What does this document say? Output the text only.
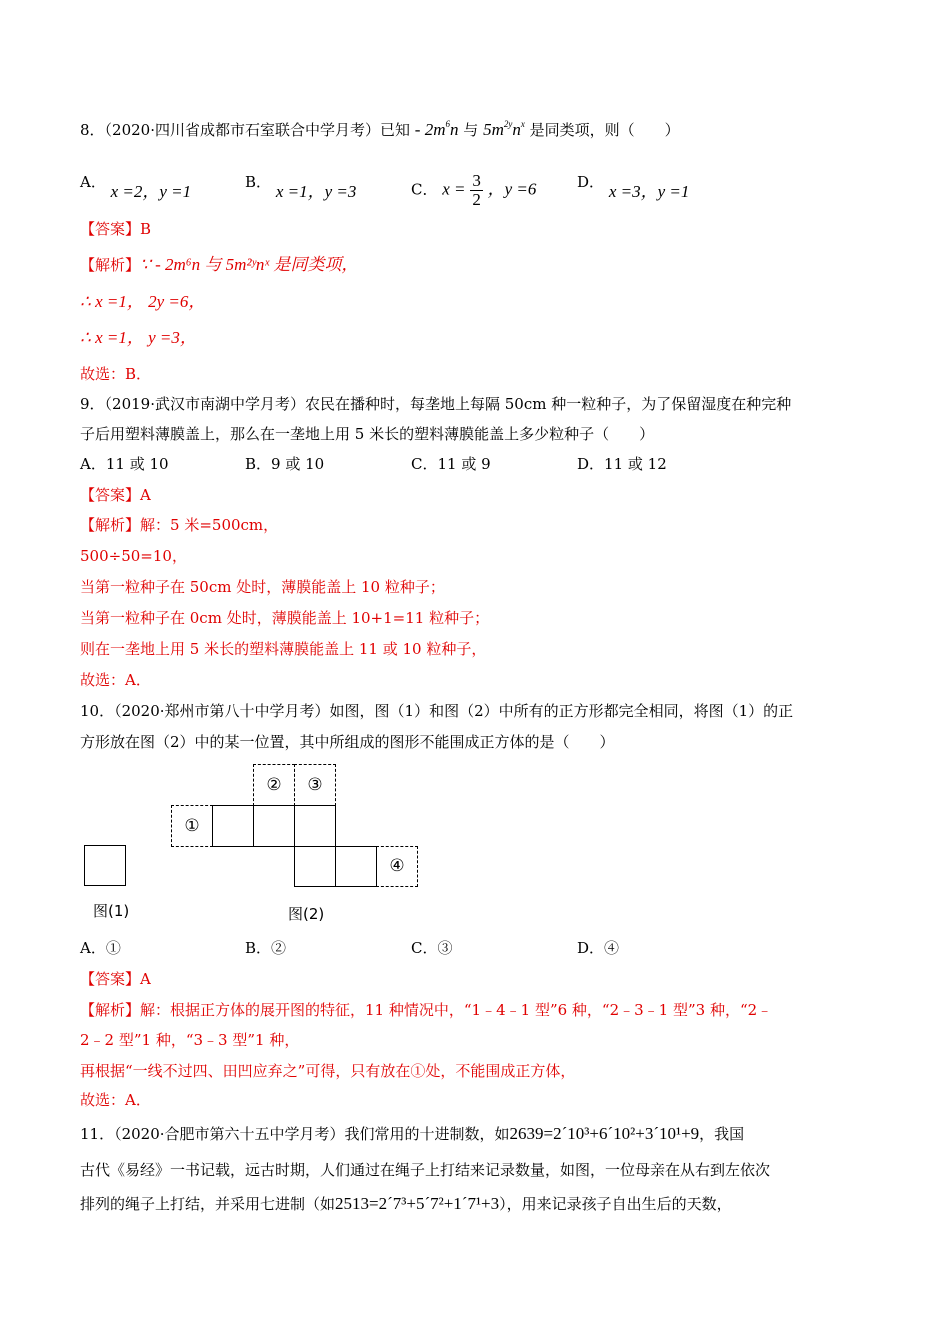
8．（2020·四川省成都市石室联合中学月考）已知 - $2m^6n$ 与 $5m^{2y}n^x$ 是同类项，则（　　）
A． x =2，y =1	B． x =1，y =3	C． $x = \frac{3}{2}$ ，y =6	D． x =3，y =1
【答案】B
【解析】∵ - 2m⁶n 与 5m²ʸnˣ 是同类项，
∴ x =1， 2y =6，
∴ x =1， y =3，
故选：B．
9．（2019·武汉市南湖中学月考）农民在播种时，每垄地上每隔 50cm 种一粒种子，为了保留湿度在种完种
子后用塑料薄膜盖上，那么在一垄地上用 5 米长的塑料薄膜能盖上多少粒种子（　　）
A．11 或 10	B．9 或 10	C．11 或 9	D．11 或 12
【答案】A
【解析】解：5 米=500cm，
500÷50=10，
当第一粒种子在 50cm 处时，薄膜能盖上 10 粒种子；
当第一粒种子在 0cm 处时，薄膜能盖上 10+1=11 粒种子；
则在一垄地上用 5 米长的塑料薄膜能盖上 11 或 10 粒种子，
故选：A．
10．（2020·郑州市第八十中学月考）如图，图（1）和图（2）中所有的正方形都完全相同，将图（1）的正
方形放在图（2）中的某一位置，其中所组成的图形不能围成正方体的是（　　）
图(1)
①
②	③
④
图(2)
A．①	B．②	C．③	D．④
【答案】A
【解析】解：根据正方体的展开图的特征，11 种情况中，“1﹣4﹣1 型”6 种，“2﹣3﹣1 型”3 种，“2﹣
2﹣2 型”1 种，“3﹣3 型”1 种，
再根据“一线不过四、田凹应弃之”可得，只有放在①处，不能围成正方体，
故选：A．
11．（2020·合肥市第六十五中学月考）我们常用的十进制数，如2639=2´10³+6´10²+3´10¹+9，我国
古代《易经》一书记载，远古时期，人们通过在绳子上打结来记录数量，如图，一位母亲在从右到左依次
排列的绳子上打结，并采用七进制（如2513=2´7³+5´7²+1´7¹+3），用来记录孩子自出生后的天数，
